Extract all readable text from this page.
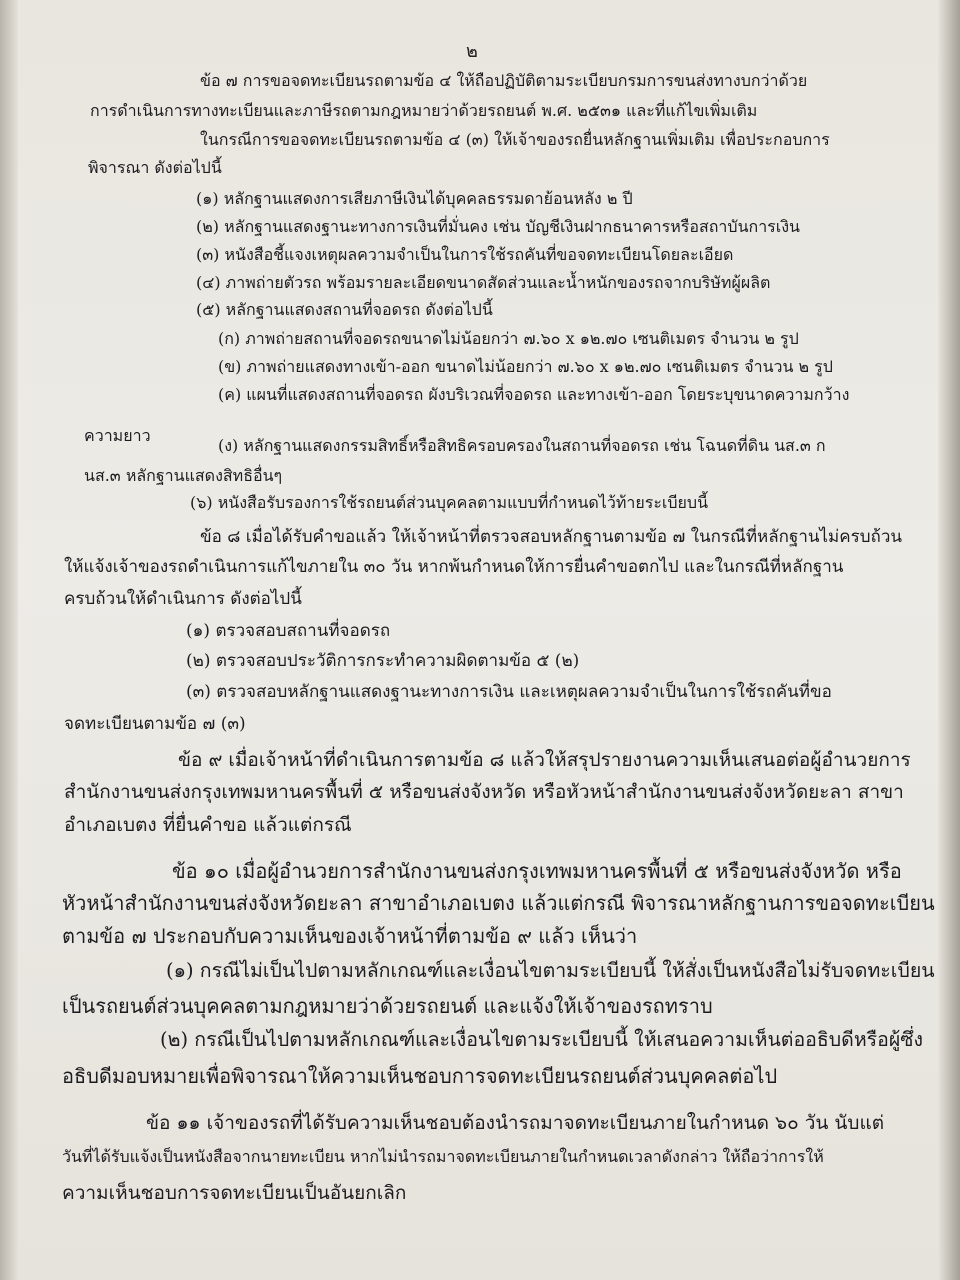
๒
ข้อ ๗ การขอจดทะเบียนรถตามข้อ ๔ ให้ถือปฏิบัติตามระเบียบกรมการขนส่งทางบกว่าด้วย
การดำเนินการทางทะเบียนและภาษีรถตามกฎหมายว่าด้วยรถยนต์ พ.ศ. ๒๕๓๑ และที่แก้ไขเพิ่มเติม
ในกรณีการขอจดทะเบียนรถตามข้อ ๔ (๓) ให้เจ้าของรถยื่นหลักฐานเพิ่มเติม เพื่อประกอบการ
พิจารณา ดังต่อไปนี้
(๑) หลักฐานแสดงการเสียภาษีเงินได้บุคคลธรรมดาย้อนหลัง ๒ ปี
(๒) หลักฐานแสดงฐานะทางการเงินที่มั่นคง เช่น บัญชีเงินฝากธนาคารหรือสถาบันการเงิน
(๓) หนังสือชี้แจงเหตุผลความจำเป็นในการใช้รถคันที่ขอจดทะเบียนโดยละเอียด
(๔) ภาพถ่ายตัวรถ พร้อมรายละเอียดขนาดสัดส่วนและน้ำหนักของรถจากบริษัทผู้ผลิต
(๕) หลักฐานแสดงสถานที่จอดรถ ดังต่อไปนี้
(ก) ภาพถ่ายสถานที่จอดรถขนาดไม่น้อยกว่า ๗.๖๐ x ๑๒.๗๐ เซนติเมตร จำนวน ๒ รูป
(ข) ภาพถ่ายแสดงทางเข้า-ออก ขนาดไม่น้อยกว่า ๗.๖๐ x ๑๒.๗๐ เซนติเมตร จำนวน ๒ รูป
(ค) แผนที่แสดงสถานที่จอดรถ ผังบริเวณที่จอดรถ และทางเข้า-ออก โดยระบุขนาดความกว้าง
ความยาว
(ง) หลักฐานแสดงกรรมสิทธิ์หรือสิทธิครอบครองในสถานที่จอดรถ เช่น โฉนดที่ดิน นส.๓ ก
นส.๓ หลักฐานแสดงสิทธิอื่นๆ
(๖) หนังสือรับรองการใช้รถยนต์ส่วนบุคคลตามแบบที่กำหนดไว้ท้ายระเบียบนี้
ข้อ ๘ เมื่อได้รับคำขอแล้ว ให้เจ้าหน้าที่ตรวจสอบหลักฐานตามข้อ ๗ ในกรณีที่หลักฐานไม่ครบถ้วน
ให้แจ้งเจ้าของรถดำเนินการแก้ไขภายใน ๓๐ วัน หากพ้นกำหนดให้การยื่นคำขอตกไป และในกรณีที่หลักฐาน
ครบถ้วนให้ดำเนินการ ดังต่อไปนี้
(๑) ตรวจสอบสถานที่จอดรถ
(๒) ตรวจสอบประวัติการกระทำความผิดตามข้อ ๕ (๒)
(๓) ตรวจสอบหลักฐานแสดงฐานะทางการเงิน และเหตุผลความจำเป็นในการใช้รถคันที่ขอ
จดทะเบียนตามข้อ ๗ (๓)
ข้อ ๙ เมื่อเจ้าหน้าที่ดำเนินการตามข้อ ๘ แล้วให้สรุปรายงานความเห็นเสนอต่อผู้อำนวยการ
สำนักงานขนส่งกรุงเทพมหานครพื้นที่ ๕ หรือขนส่งจังหวัด หรือหัวหน้าสำนักงานขนส่งจังหวัดยะลา สาขา
อำเภอเบตง ที่ยื่นคำขอ แล้วแต่กรณี
ข้อ ๑๐ เมื่อผู้อำนวยการสำนักงานขนส่งกรุงเทพมหานครพื้นที่ ๕ หรือขนส่งจังหวัด หรือ
หัวหน้าสำนักงานขนส่งจังหวัดยะลา สาขาอำเภอเบตง แล้วแต่กรณี พิจารณาหลักฐานการขอจดทะเบียน
ตามข้อ ๗ ประกอบกับความเห็นของเจ้าหน้าที่ตามข้อ ๙ แล้ว เห็นว่า
(๑) กรณีไม่เป็นไปตามหลักเกณฑ์และเงื่อนไขตามระเบียบนี้ ให้สั่งเป็นหนังสือไม่รับจดทะเบียน
เป็นรถยนต์ส่วนบุคคลตามกฎหมายว่าด้วยรถยนต์ และแจ้งให้เจ้าของรถทราบ
(๒) กรณีเป็นไปตามหลักเกณฑ์และเงื่อนไขตามระเบียบนี้ ให้เสนอความเห็นต่ออธิบดีหรือผู้ซึ่ง
อธิบดีมอบหมายเพื่อพิจารณาให้ความเห็นชอบการจดทะเบียนรถยนต์ส่วนบุคคลต่อไป
ข้อ ๑๑ เจ้าของรถที่ได้รับความเห็นชอบต้องนำรถมาจดทะเบียนภายในกำหนด ๖๐ วัน นับแต่
วันที่ได้รับแจ้งเป็นหนังสือจากนายทะเบียน หากไม่นำรถมาจดทะเบียนภายในกำหนดเวลาดังกล่าว ให้ถือว่าการให้
ความเห็นชอบการจดทะเบียนเป็นอันยกเลิก
